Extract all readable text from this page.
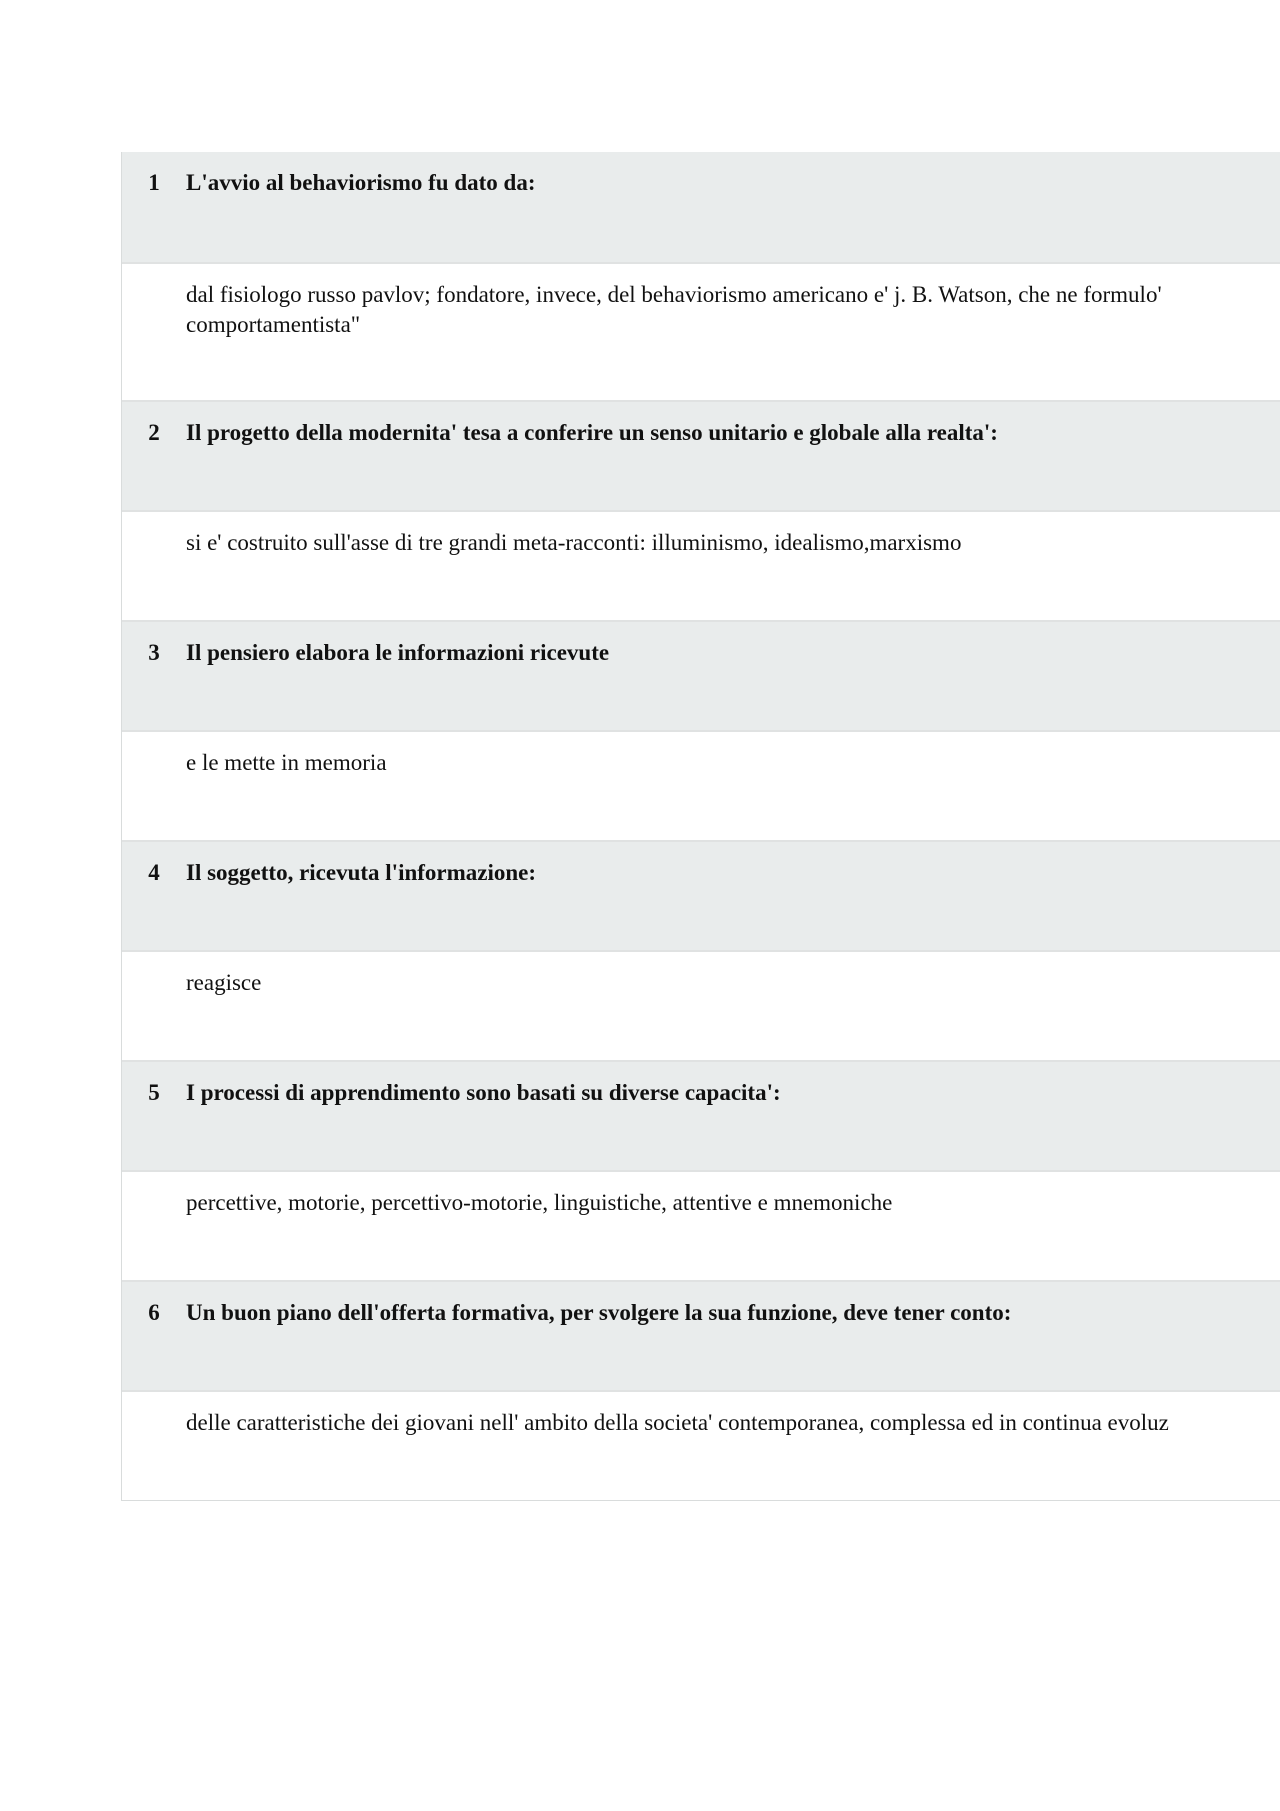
1	L'avvio al behaviorismo fu dato da:
dal fisiologo russo pavlov; fondatore, invece, del behaviorismo americano e' j. B. Watson, che ne formulo'
comportamentista"
2	Il progetto della modernita' tesa a conferire un senso unitario e globale alla realta':
si e' costruito sull'asse di tre grandi meta-racconti: illuminismo, idealismo,marxismo
3	Il pensiero elabora le informazioni ricevute
e le mette in memoria
4	Il soggetto, ricevuta l'informazione:
reagisce
5	I processi di apprendimento sono basati su diverse capacita':
percettive, motorie, percettivo-motorie, linguistiche, attentive e mnemoniche
6	Un buon piano dell'offerta formativa, per svolgere la sua funzione, deve tener conto:
delle caratteristiche dei giovani nell' ambito della societa' contemporanea, complessa ed in continua evoluz
